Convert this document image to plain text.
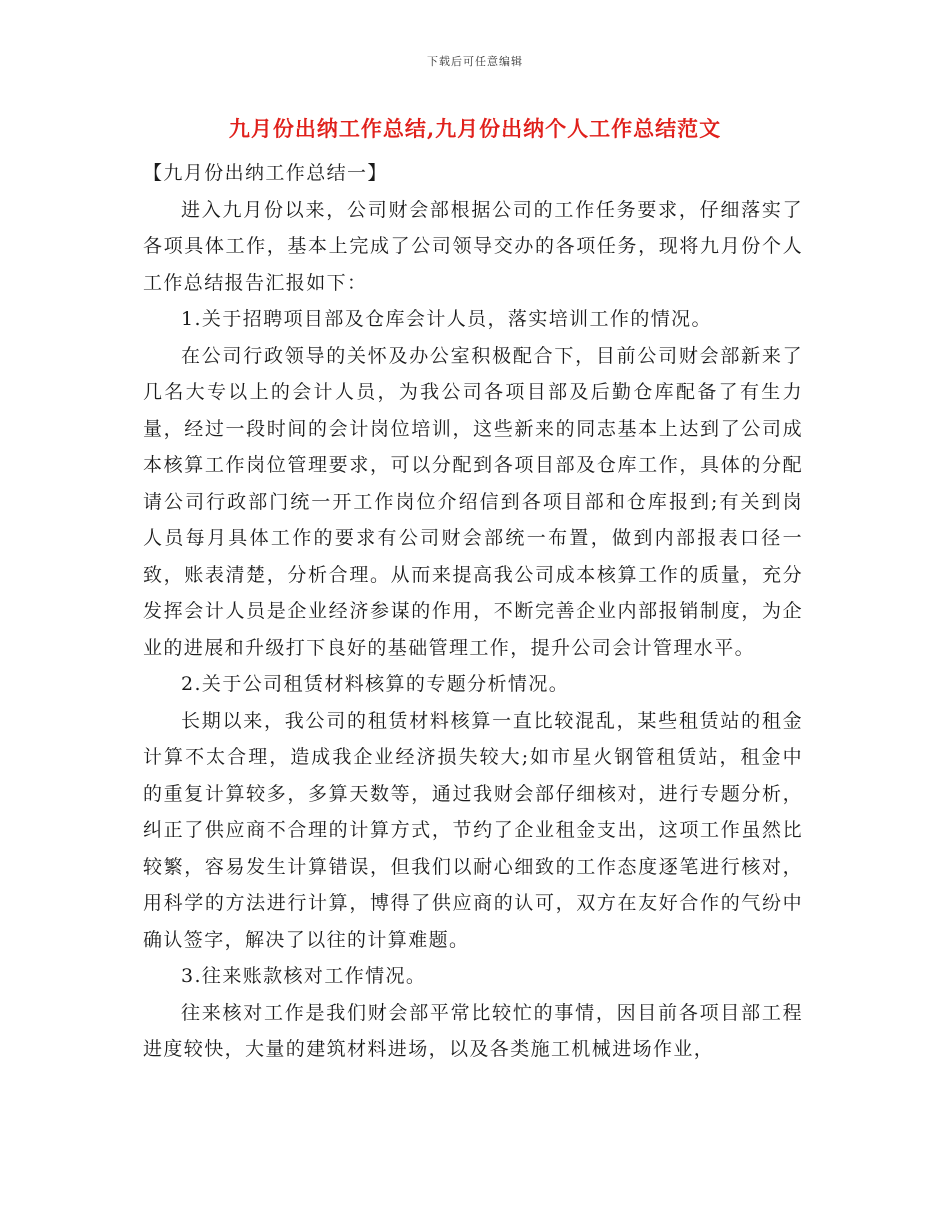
下载后可任意编辑
九月份出纳工作总结,九月份出纳个人工作总结范文

【九月份出纳工作总结一】

进入九月份以来，公司财会部根据公司的工作任务要求，仔细落实了各项具体工作，基本上完成了公司领导交办的各项任务，现将九月份个人工作总结报告汇报如下：

1.关于招聘项目部及仓库会计人员，落实培训工作的情况。

在公司行政领导的关怀及办公室积极配合下，目前公司财会部新来了几名大专以上的会计人员，为我公司各项目部及后勤仓库配备了有生力量，经过一段时间的会计岗位培训，这些新来的同志基本上达到了公司成本核算工作岗位管理要求，可以分配到各项目部及仓库工作，具体的分配请公司行政部门统一开工作岗位介绍信到各项目部和仓库报到;有关到岗人员每月具体工作的要求有公司财会部统一布置，做到内部报表口径一致，账表清楚，分析合理。从而来提高我公司成本核算工作的质量，充分发挥会计人员是企业经济参谋的作用，不断完善企业内部报销制度，为企业的进展和升级打下良好的基础管理工作，提升公司会计管理水平。

2.关于公司租赁材料核算的专题分析情况。

长期以来，我公司的租赁材料核算一直比较混乱，某些租赁站的租金计算不太合理，造成我企业经济损失较大;如市星火钢管租赁站，租金中的重复计算较多，多算天数等，通过我财会部仔细核对，进行专题分析，纠正了供应商不合理的计算方式，节约了企业租金支出，这项工作虽然比较繁，容易发生计算错误，但我们以耐心细致的工作态度逐笔进行核对，用科学的方法进行计算，博得了供应商的认可，双方在友好合作的气纷中确认签字，解决了以往的计算难题。

3.往来账款核对工作情况。

往来核对工作是我们财会部平常比较忙的事情，因目前各项目部工程进度较快，大量的建筑材料进场，以及各类施工机械进场作业，
